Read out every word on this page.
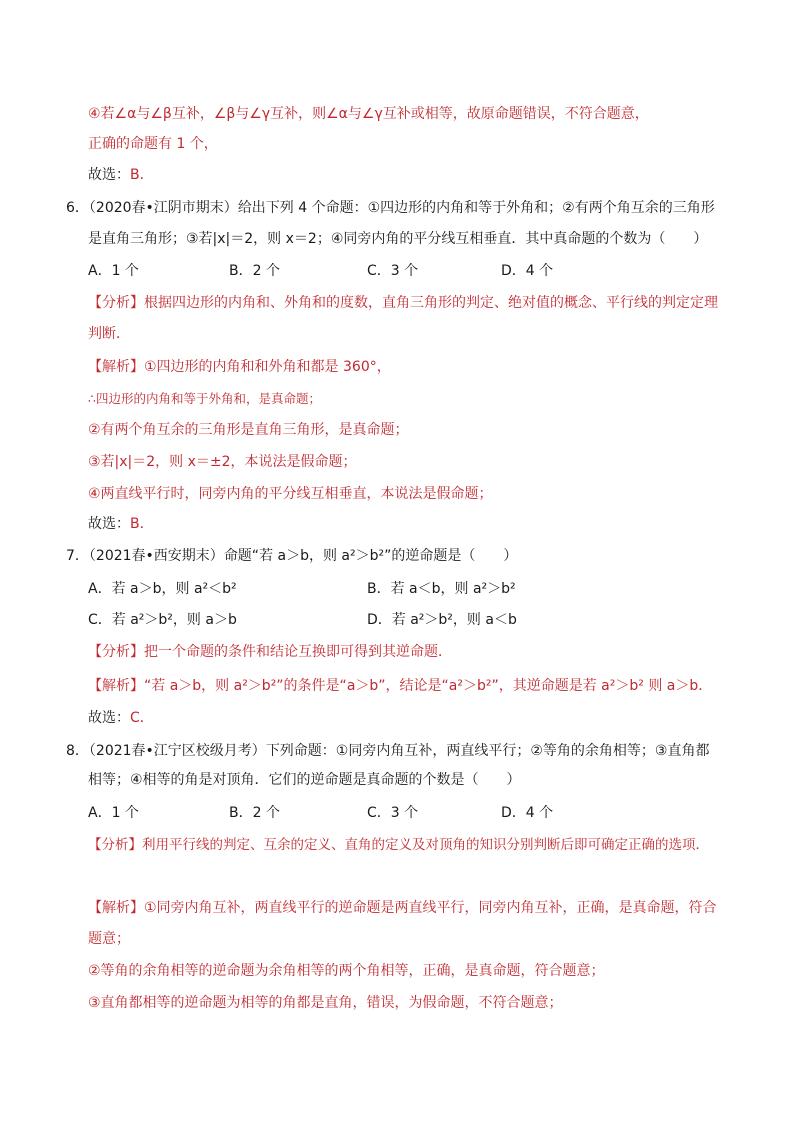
④若∠α与∠β互补，∠β与∠γ互补，则∠α与∠γ互补或相等，故原命题错误，不符合题意，
正确的命题有 1 个，
故选：B．
6．（2020春•江阴市期末）给出下列 4 个命题：①四边形的内角和等于外角和；②有两个角互余的三角形
是直角三角形；③若|x|＝2，则 x＝2；④同旁内角的平分线互相垂直．其中真命题的个数为（　　）
A．1 个	B．2 个	C．3 个	D．4 个
【分析】根据四边形的内角和、外角和的度数，直角三角形的判定、绝对值的概念、平行线的判定定理
判断．
【解析】①四边形的内角和和外角和都是 360°，
∴四边形的内角和等于外角和，是真命题；
②有两个角互余的三角形是直角三角形，是真命题；
③若|x|＝2，则 x＝±2，本说法是假命题；
④两直线平行时，同旁内角的平分线互相垂直，本说法是假命题；
故选：B．
7．（2021春•西安期末）命题“若 a＞b，则 a²＞b²”的逆命题是（　　）
A．若 a＞b，则 a²＜b²	B．若 a＜b，则 a²＞b²
C．若 a²＞b²，则 a＞b	D．若 a²＞b²，则 a＜b
【分析】把一个命题的条件和结论互换即可得到其逆命题．
【解析】“若 a＞b，则 a²＞b²”的条件是“a＞b”，结论是“a²＞b²”，其逆命题是若 a²＞b² 则 a＞b．
故选：C．
8．（2021春•江宁区校级月考）下列命题：①同旁内角互补，两直线平行；②等角的余角相等；③直角都
相等；④相等的角是对顶角．它们的逆命题是真命题的个数是（　　）
A．1 个	B．2 个	C．3 个	D．4 个
【分析】利用平行线的判定、互余的定义、直角的定义及对顶角的知识分别判断后即可确定正确的选项．
【解析】①同旁内角互补，两直线平行的逆命题是两直线平行，同旁内角互补，正确，是真命题，符合
题意；
②等角的余角相等的逆命题为余角相等的两个角相等，正确，是真命题，符合题意；
③直角都相等的逆命题为相等的角都是直角，错误，为假命题，不符合题意；
